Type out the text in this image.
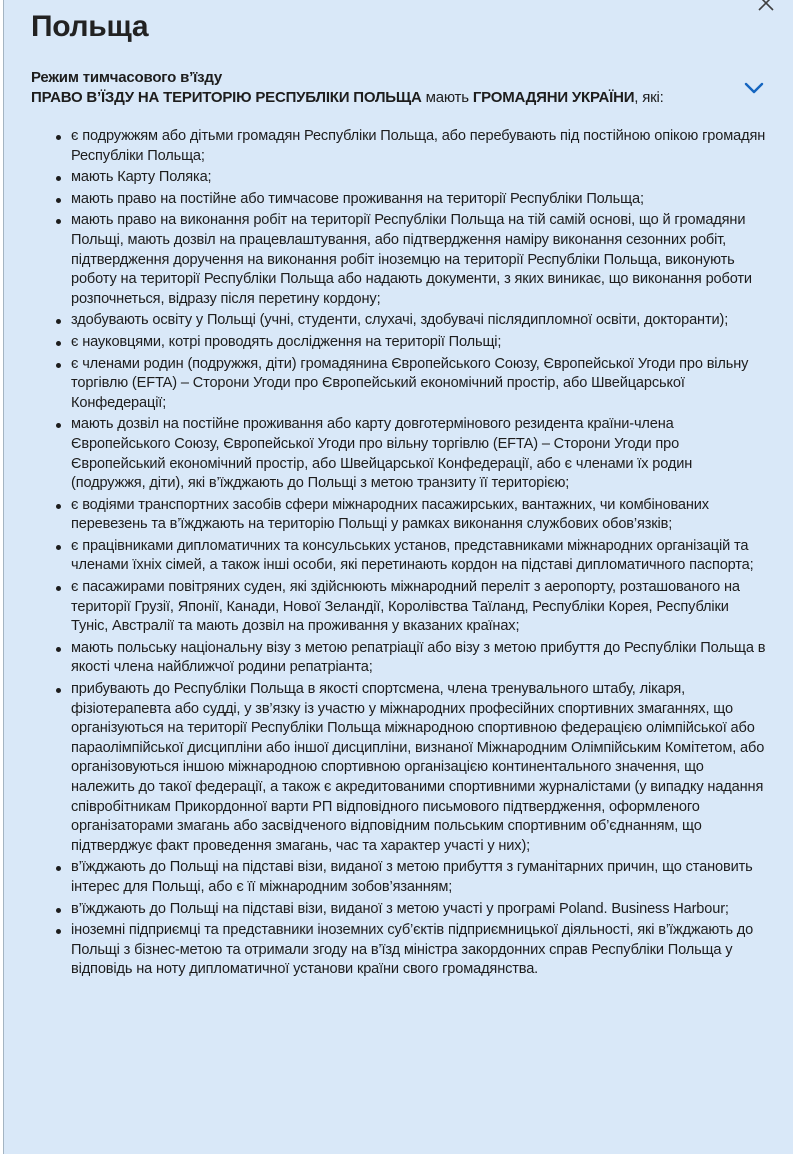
Польща
Режим тимчасового в’їзду
ПРАВО В’ЇЗДУ НА ТЕРИТОРІЮ РЕСПУБЛІКИ ПОЛЬЩА мають ГРОМАДЯНИ УКРАЇНИ, які:
є подружжям або дітьми громадян Республіки Польща, або перебувають під постійною опікою громадян Республіки Польща;
мають Карту Поляка;
мають право на постійне або тимчасове проживання на території Республіки Польща;
мають право на виконання робіт на території Республіки Польща на тій самій основі, що й громадяни Польщі, мають дозвіл на працевлаштування, або підтвердження наміру виконання сезонних робіт, підтвердження доручення на виконання робіт іноземцю на території Республіки Польща, виконують роботу на території Республіки Польща або надають документи, з яких виникає, що виконання роботи розпочнеться, відразу після перетину кордону;
здобувають освіту у Польщі (учні, студенти, слухачі, здобувачі післядипломної освіти, докторанти);
є науковцями, котрі проводять дослідження на території Польщі;
є членами родин (подружжя, діти) громадянина Європейського Союзу, Європейської Угоди про вільну торгівлю (EFTA) – Сторони Угоди про Європейський економічний простір, або Швейцарської Конфедерації;
мають дозвіл на постійне проживання або карту довготермінового резидента країни-члена Європейського Союзу, Європейської Угоди про вільну торгівлю (EFTA) – Сторони Угоди про Європейський економічний простір, або Швейцарської Конфедерації, або є членами їх родин (подружжя, діти), які в’їжджають до Польщі з метою транзиту її територією;
є водіями транспортних засобів сфери міжнародних пасажирських, вантажних, чи комбінованих перевезень та в’їжджають на територію Польщі у рамках виконання службових обов’язків;
є працівниками дипломатичних та консульських установ, представниками міжнародних організацій та членами їхніх сімей, а також інші особи, які перетинають кордон на підставі дипломатичного паспорта;
є пасажирами повітряних суден, які здійснюють міжнародний переліт з аеропорту, розташованого на території Грузії, Японії, Канади, Нової Зеландії, Королівства Таїланд, Республіки Корея, Республіки Туніс, Австралії та мають дозвіл на проживання у вказаних країнах;
мають польську національну візу з метою репатріації або візу з метою прибуття до Республіки Польща в якості члена найближчої родини репатріанта;
прибувають до Республіки Польща в якості спортсмена, члена тренувального штабу, лікаря, фізіотерапевта або судді, у зв’язку із участю у міжнародних професійних спортивних змаганнях, що організуються на території Республіки Польща міжнародною спортивною федерацією олімпійської або параолімпійської дисципліни або іншої дисципліни, визнаної Міжнародним Олімпійським Комітетом, або організовуються іншою міжнародною спортивною організацією континентального значення, що належить до такої федерації, а також є акредитованими спортивними журналістами (у випадку надання співробітникам Прикордонної варти РП відповідного письмового підтвердження, оформленого організаторами змагань або засвідченого відповідним польським спортивним об’єднанням, що підтверджує факт проведення змагань, час та характер участі у них);
в’їжджають до Польщі на підставі візи, виданої з метою прибуття з гуманітарних причин, що становить інтерес для Польщі, або є її міжнародним зобов’язанням;
в’їжджають до Польщі на підставі візи, виданої з метою участі у програмі Poland. Business Harbour;
іноземні підприємці та представники іноземних суб’єктів підприємницької діяльності, які в’їжджають до Польщі з бізнес-метою та отримали згоду на в’їзд міністра закордонних справ Республіки Польща у відповідь на ноту дипломатичної установи країни свого громадянства.
